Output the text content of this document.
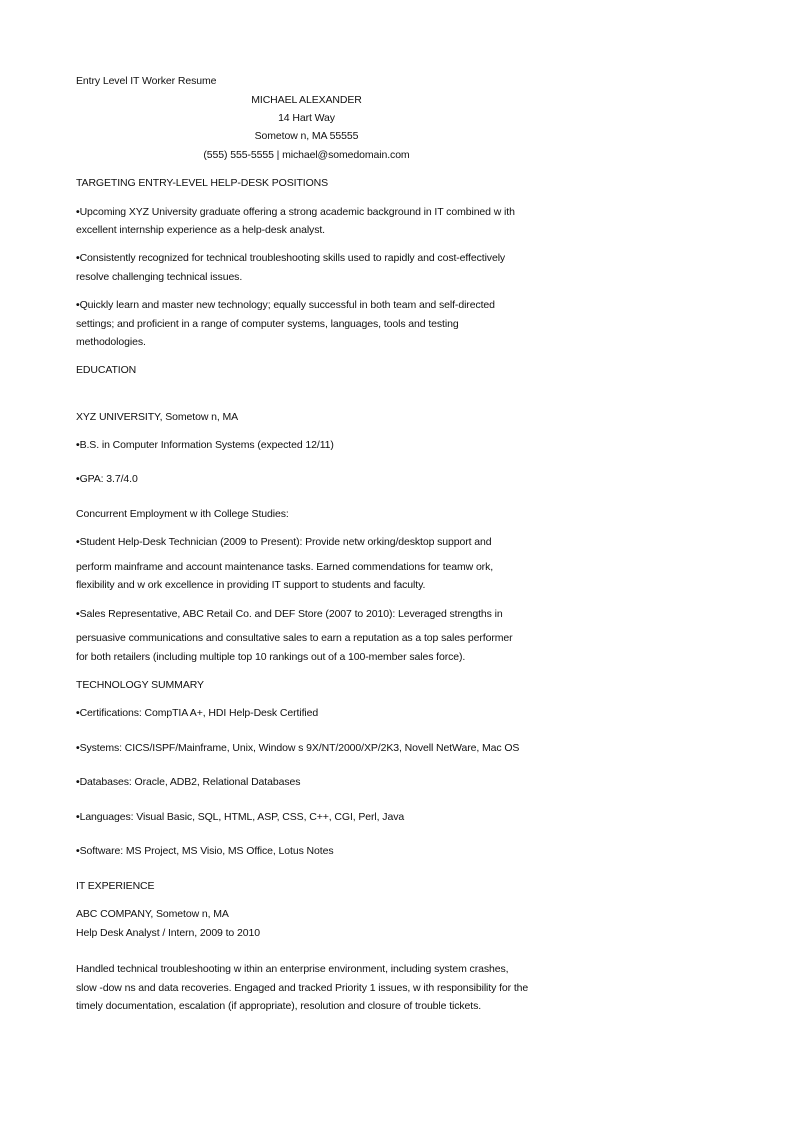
Entry Level IT Worker Resume
MICHAEL ALEXANDER
14 Hart Way
Sometow n, MA 55555
(555) 555-5555 | michael@somedomain.com
TARGETING ENTRY-LEVEL HELP-DESK POSITIONS
• Upcoming XYZ University graduate offering a strong academic background in IT combined w ith
excellent internship experience as a help-desk analyst.
• Consistently recognized for technical troubleshooting skills used to rapidly and cost-effectively
resolve challenging technical issues.
• Quickly learn and master new technology; equally successful in both team and self-directed
settings; and proficient in a range of computer systems, languages, tools and testing
methodologies.
EDUCATION
XYZ UNIVERSITY, Sometow n, MA
• B.S. in Computer Information Systems (expected 12/11)
• GPA: 3.7/4.0
Concurrent Employment w ith College Studies:
• Student Help-Desk Technician (2009 to Present): Provide netw orking/desktop support and
perform mainframe and account maintenance tasks. Earned commendations for teamw ork,
flexibility and w ork excellence in providing IT support to students and faculty.
• Sales Representative, ABC Retail Co. and DEF Store (2007 to 2010): Leveraged strengths in
persuasive communications and consultative sales to earn a reputation as a top sales performer
for both retailers (including multiple top 10 rankings out of a 100-member sales force).
TECHNOLOGY SUMMARY
• Certifications: CompTIA A+, HDI Help-Desk Certified
• Systems: CICS/ISPF/Mainframe, Unix, Window s 9X/NT/2000/XP/2K3, Novell NetWare, Mac OS
• Databases: Oracle, ADB2, Relational Databases
• Languages: Visual Basic, SQL, HTML, ASP, CSS, C++, CGI, Perl, Java
• Software: MS Project, MS Visio, MS Office, Lotus Notes
IT EXPERIENCE
ABC COMPANY, Sometow n, MA
Help Desk Analyst / Intern, 2009 to 2010
Handled technical troubleshooting w ithin an enterprise environment, including system crashes,
slow -dow ns and data recoveries. Engaged and tracked Priority 1 issues, w ith responsibility for the
timely documentation, escalation (if appropriate), resolution and closure of trouble tickets.
